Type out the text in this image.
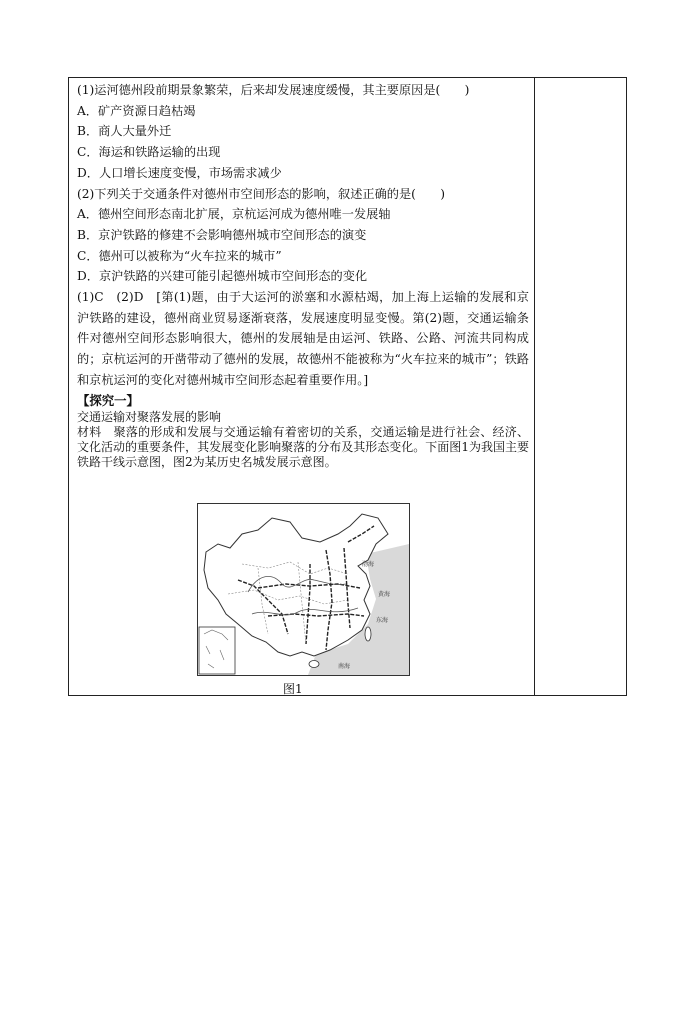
(1)运河德州段前期景象繁荣，后来却发展速度缓慢，其主要原因是(　　)
A．矿产资源日趋枯竭
B．商人大量外迁
C．海运和铁路运输的出现
D．人口增长速度变慢，市场需求减少
(2)下列关于交通条件对德州市空间形态的影响，叙述正确的是(　　)
A．德州空间形态南北扩展，京杭运河成为德州唯一发展轴
B．京沪铁路的修建不会影响德州城市空间形态的演变
C．德州可以被称为“火车拉来的城市”
D．京沪铁路的兴建可能引起德州城市空间形态的变化
(1)C　(2)D　[第(1)题，由于大运河的淤塞和水源枯竭，加上海上运输的发展和京沪铁路的建设，德州商业贸易逐渐衰落，发展速度明显变慢。第(2)题，交通运输条件对德州空间形态影响很大，德州的发展轴是由运河、铁路、公路、河流共同构成的；京杭运河的开凿带动了德州的发展，故德州不能被称为“火车拉来的城市”；铁路和京杭运河的变化对德州城市空间形态起着重要作用。]
【探究一】
交通运输对聚落发展的影响
材料　聚落的形成和发展与交通运输有着密切的关系，交通运输是进行社会、经济、文化活动的重要条件，其发展变化影响聚落的分布及其形态变化。下面图1为我国主要铁路干线示意图，图2为某历史名城发展示意图。
渤海
黄海
东海
南海
图1
